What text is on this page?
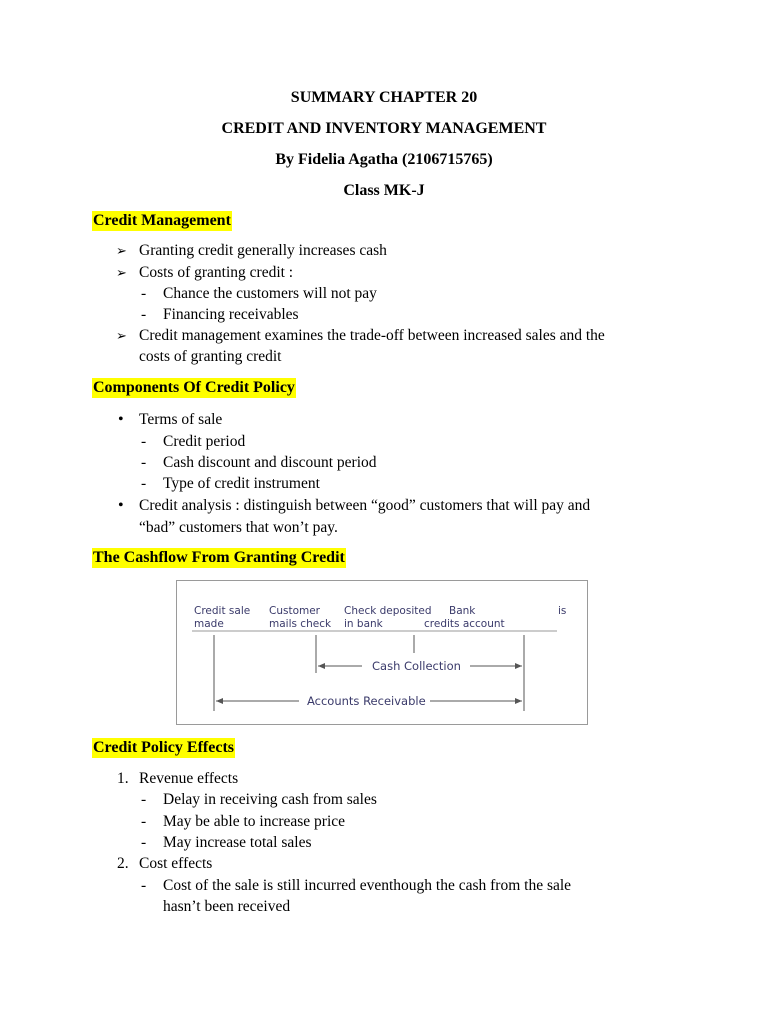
SUMMARY CHAPTER 20
CREDIT AND INVENTORY MANAGEMENT
By Fidelia Agatha (2106715765)
Class MK-J
Credit Management
➢ Granting credit generally increases cash
➢ Costs of granting credit :
- Chance the customers will not pay
- Financing receivables
➢ Credit management examines the trade-off between increased sales and the
costs of granting credit
Components Of Credit Policy
• Terms of sale
- Credit period
- Cash discount and discount period
- Type of credit instrument
• Credit analysis : distinguish between “good” customers that will pay and
“bad” customers that won’t pay.
The Cashflow From Granting Credit
Credit sale
made
Customer
mails check
Check deposited
in bank
Bank
credits account
is
Cash Collection
Accounts Receivable
Credit Policy Effects
1. Revenue effects
- Delay in receiving cash from sales
- May be able to increase price
- May increase total sales
2. Cost effects
- Cost of the sale is still incurred eventhough the cash from the sale
hasn’t been received
